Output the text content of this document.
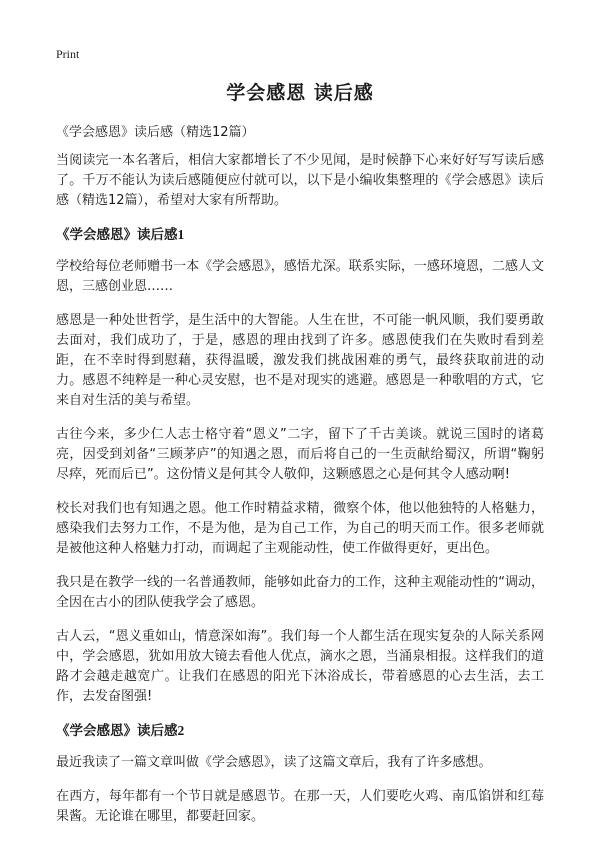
Print
学会感恩 读后感

《学会感恩》读后感（精选12篇）

当阅读完一本名著后，相信大家都增长了不少见闻，是时候静下心来好好写写读后感了。千万不能认为读后感随便应付就可以，以下是小编收集整理的《学会感恩》读后感（精选12篇），希望对大家有所帮助。

《学会感恩》读后感1

学校给每位老师赠书一本《学会感恩》，感悟尤深。联系实际，一感环境恩，二感人文恩，三感创业恩……

感恩是一种处世哲学，是生活中的大智能。人生在世，不可能一帆风顺，我们要勇敢去面对，我们成功了，于是，感恩的理由找到了许多。感恩使我们在失败时看到差距，在不幸时得到慰藉，获得温暖，激发我们挑战困难的勇气，最终获取前进的动力。感恩不纯粹是一种心灵安慰，也不是对现实的逃避。感恩是一种歌唱的方式，它来自对生活的美与希望。

古往今来，多少仁人志士格守着“恩义”二字，留下了千古美谈。就说三国时的诸葛亮，因受到刘备“三顾茅庐”的知遇之恩，而后将自己的一生贡献给蜀汉，所谓“鞠躬尽瘁，死而后已”。这份情义是何其令人敬仰，这颗感恩之心是何其令人感动啊!

校长对我们也有知遇之恩。他工作时精益求精，微察个体，他以他独特的人格魅力，感染我们去努力工作，不是为他，是为自己工作，为自己的明天而工作。很多老师就是被他这种人格魅力打动，而调起了主观能动性，使工作做得更好，更出色。

我只是在教学一线的一名普通教师，能够如此奋力的工作，这种主观能动性的“调动，全因在古小的团队使我学会了感恩。

古人云，“恩义重如山，情意深如海”。我们每一个人都生活在现实复杂的人际关系网中，学会感恩，犹如用放大镜去看他人优点，滴水之恩，当涌泉相报。这样我们的道路才会越走越宽广。让我们在感恩的阳光下沐浴成长，带着感恩的心去生活，去工作，去发奋图强!

《学会感恩》读后感2

最近我读了一篇文章叫做《学会感恩》，读了这篇文章后，我有了许多感想。

在西方，每年都有一个节日就是感恩节。在那一天，人们要吃火鸡、南瓜馅饼和红莓果酱。无论谁在哪里，都要赶回家。
